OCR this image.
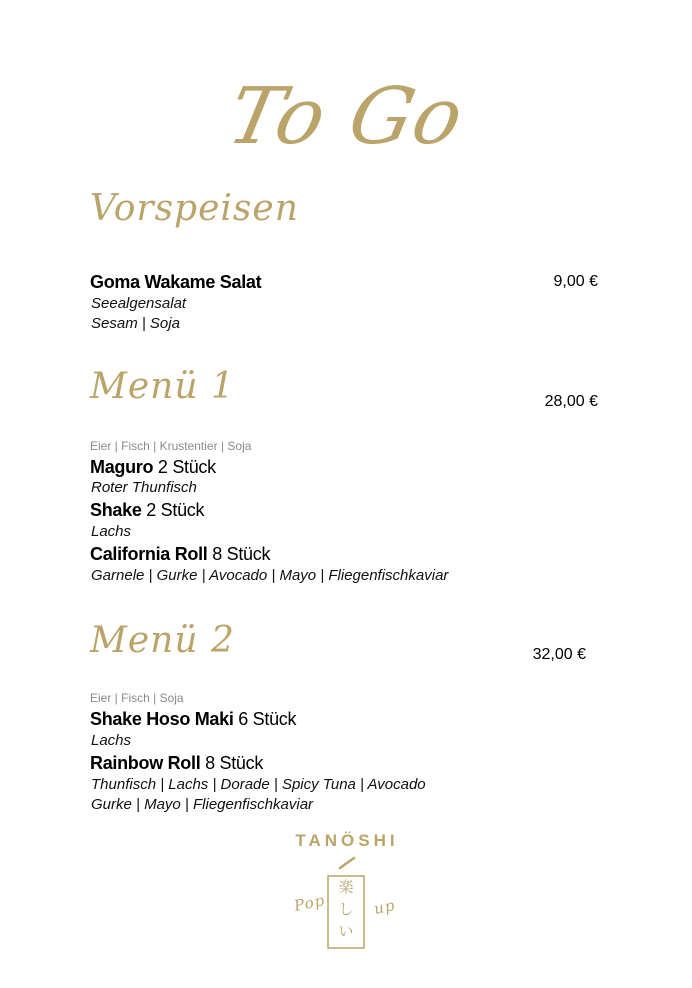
To Go
Vorspeisen
Goma Wakame Salat	9,00 €
Seealgensalat
Sesam | Soja
Menü 1	28,00 €
Eier | Fisch | Krustentier | Soja
Maguro 2 Stück
Roter Thunfisch
Shake 2 Stück
Lachs
California Roll 8 Stück
Garnele | Gurke | Avocado | Mayo | Fliegenfischkaviar
Menü 2	32,00 €
Eier | Fisch | Soja
Shake Hoso Maki 6 Stück
Lachs
Rainbow Roll 8 Stück
Thunfisch | Lachs | Dorade | Spicy Tuna | Avocado
Gurke | Mayo | Fliegenfischkaviar
TANÖSHI
楽
し
い
Pop	up
